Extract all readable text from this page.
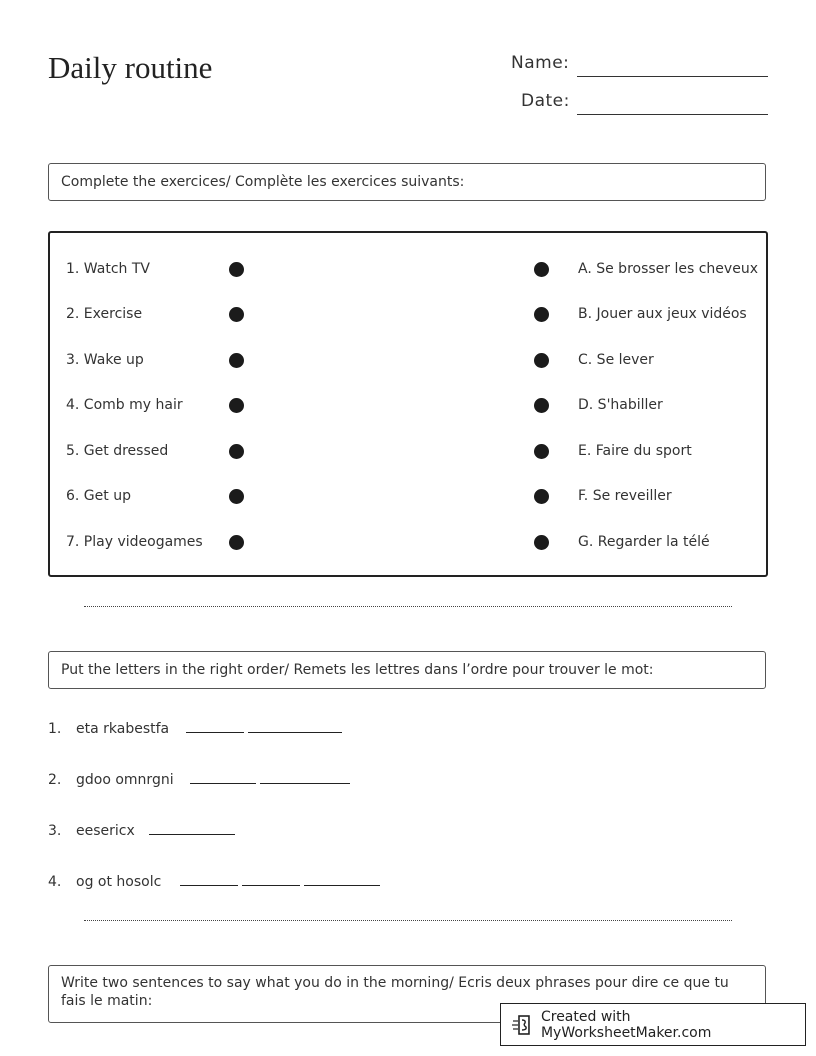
Daily routine	Name:
Date:
Complete the exercices/ Complète les exercices suivants:
1. Watch TV	A. Se brosser les cheveux
2. Exercise	B. Jouer aux jeux vidéos
3. Wake up	C. Se lever
4. Comb my hair	D. S'habiller
5. Get dressed	E. Faire du sport
6. Get up	F. Se reveiller
7. Play videogames	G. Regarder la télé
Put the letters in the right order/ Remets les lettres dans l’ordre pour trouver le mot:
1. eta rkabestfa
2. gdoo omnrgni
3. eesericx
4. og ot hosolc
Write two sentences to say what you do in the morning/ Ecris deux phrases pour dire ce que tu fais le matin:
Created with MyWorksheetMaker.com
